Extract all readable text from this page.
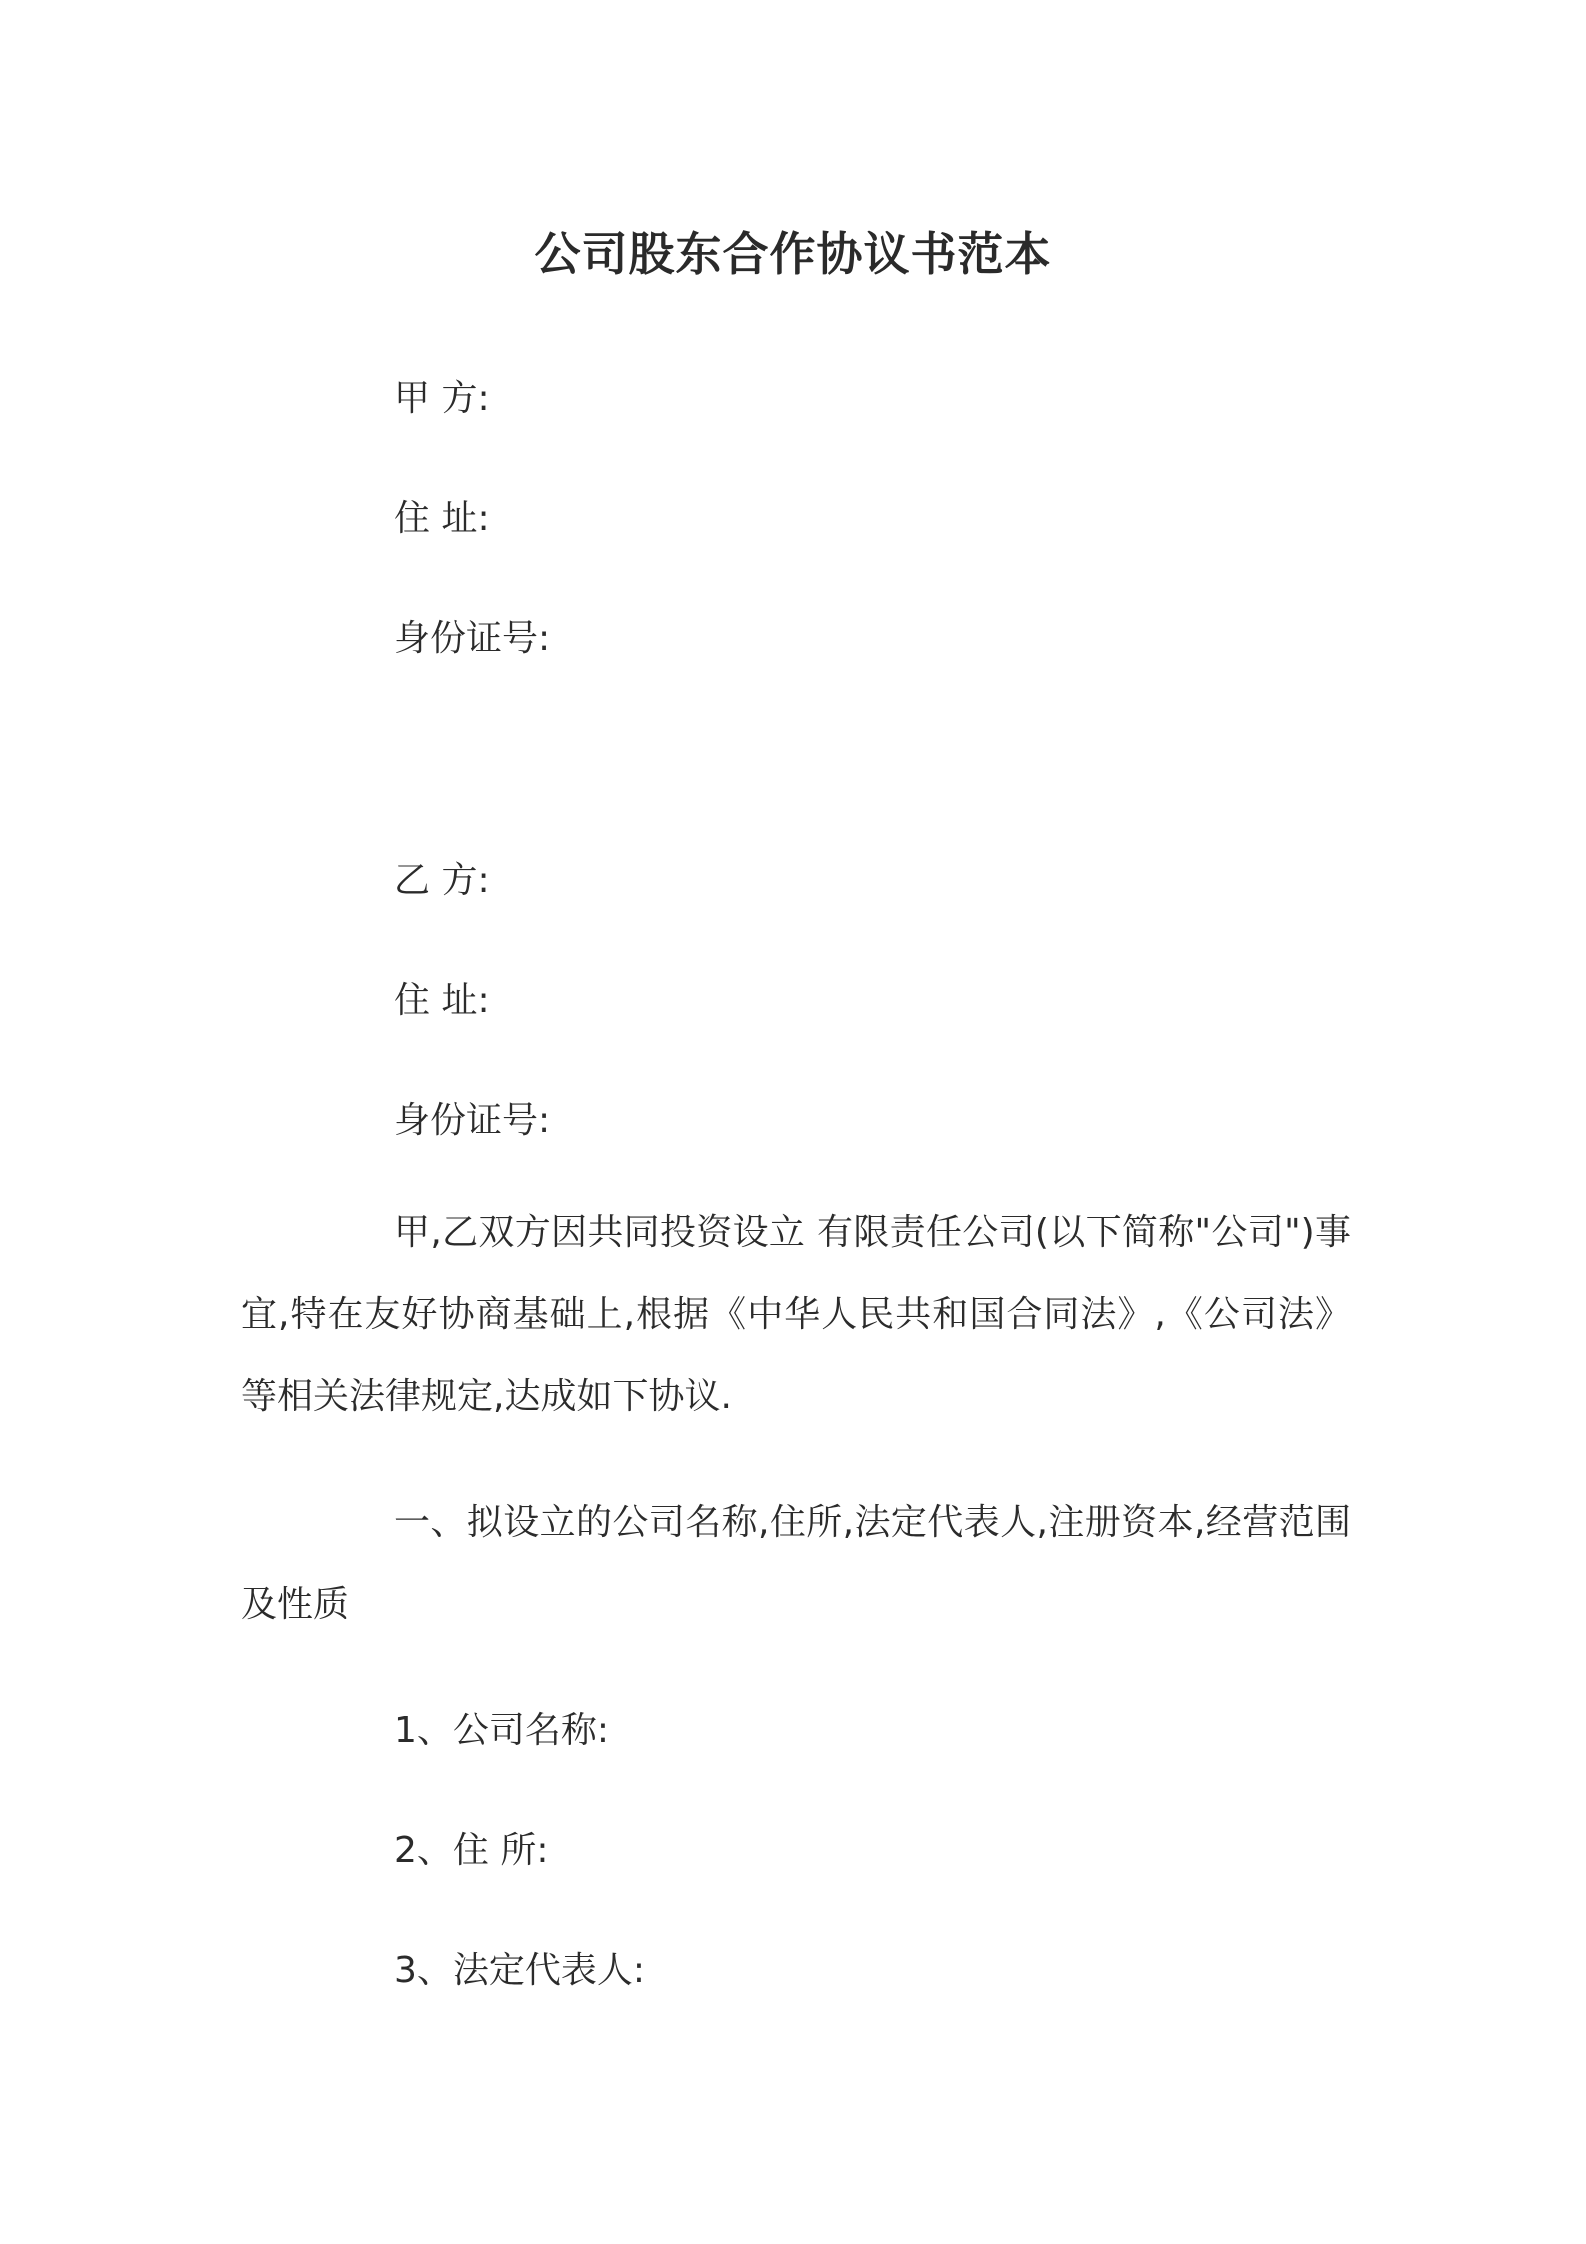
公司股东合作协议书范本
甲 方:
住 址:
身份证号:
乙 方:
住 址:
身份证号:
甲,乙双方因共同投资设立 有限责任公司(以下简称"公司")事宜,特在友好协商基础上,根据《中华人民共和国合同法》,《公司法》等相关法律规定,达成如下协议.
一、拟设立的公司名称,住所,法定代表人,注册资本,经营范围及性质
1、公司名称:
2、住 所:
3、法定代表人:
